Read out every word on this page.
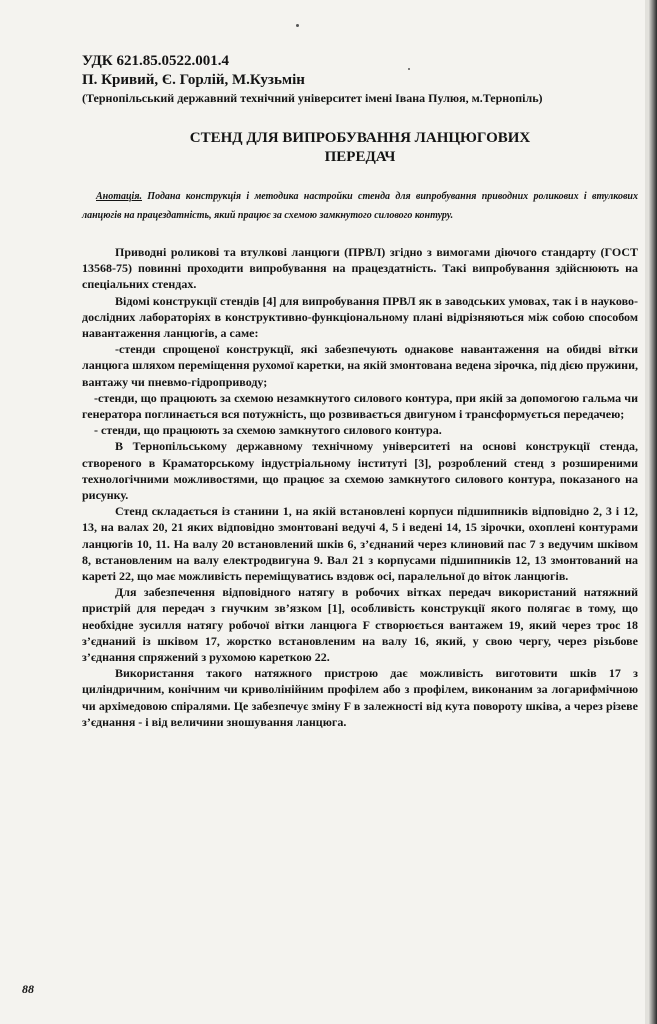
УДК 621.85.0522.001.4

П. Кривий, Є. Горлій, М.Кузьмін

(Тернопільський державний технічний університет імені Івана Пулюя, м.Тернопіль)

СТЕНД ДЛЯ ВИПРОБУВАННЯ ЛАНЦЮГОВИХ
ПЕРЕДАЧ

Анотація. Подана конструкція і методика настройки стенда для випробування приводних роликових і втулкових ланцюгів на працездатність, який працює за схемою замкнутого силового контуру.

Приводні роликові та втулкові ланцюги (ПРВЛ) згідно з вимогами діючого стандарту (ГОСТ 13568-75) повинні проходити випробування на працездатність. Такі випробування здійснюють на спеціальних стендах.

Відомі конструкції стендів [4] для випробування ПРВЛ як в заводських умовах, так і в науково-дослідних лабораторіях в конструктивно-функціональному плані відрізняються між собою способом навантаження ланцюгів, а саме:

-стенди спрощеної конструкції, які забезпечують однакове навантаження на обидві вітки ланцюга шляхом переміщення рухомої каретки, на якій змонтована ведена зірочка, під дією пружини, вантажу чи пневмо-гідроприводу;

-стенди, що працюють за схемою незамкнутого силового контура, при якій за допомогою гальма чи генератора поглинається вся потужність, що розвивається двигуном і трансформується передачею;

- стенди, що працюють за схемою замкнутого силового контура.

В Тернопільському державному технічному університеті на основі конструкції стенда, створеного в Краматорському індустріальному інституті [3], розроблений стенд з розширеними технологічними можливостями, що працює за схемою замкнутого силового контура, показаного на рисунку.

Стенд складається із станини 1, на якій встановлені корпуси підшипників відповідно 2, 3 і 12, 13, на валах 20, 21 яких відповідно змонтовані ведучі 4, 5 і ведені 14, 15 зірочки, охоплені контурами ланцюгів 10, 11. На валу 20 встановлений шків 6, з’єднаний через клиновий пас 7 з ведучим шківом 8, встановленим на валу електродвигуна 9. Вал 21 з корпусами підшипників 12, 13 змонтований на кареті 22, що має можливість переміщуватись вздовж осі, паралельної до віток ланцюгів.

Для забезпечення відповідного натягу в робочих вітках передач використаний натяжний пристрій для передач з гнучким зв’язком [1], особливість конструкції якого полягає в тому, що необхідне зусилля натягу робочої вітки ланцюга F створюється вантажем 19, який через трос 18 з’єднаний із шківом 17, жорстко встановленим на валу 16, який, у свою чергу, через різьбове з’єднання спряжений з рухомою кареткою 22.

Використання такого натяжного пристрою дає можливість виготовити шків 17 з циліндричним, конічним чи криволінійним профілем або з профілем, виконаним за логарифмічною чи архімедовою спіралями. Це забезпечує зміну F в залежності від кута повороту шківа, а через різеве з’єднання - і від величини зношування ланцюга.

88
